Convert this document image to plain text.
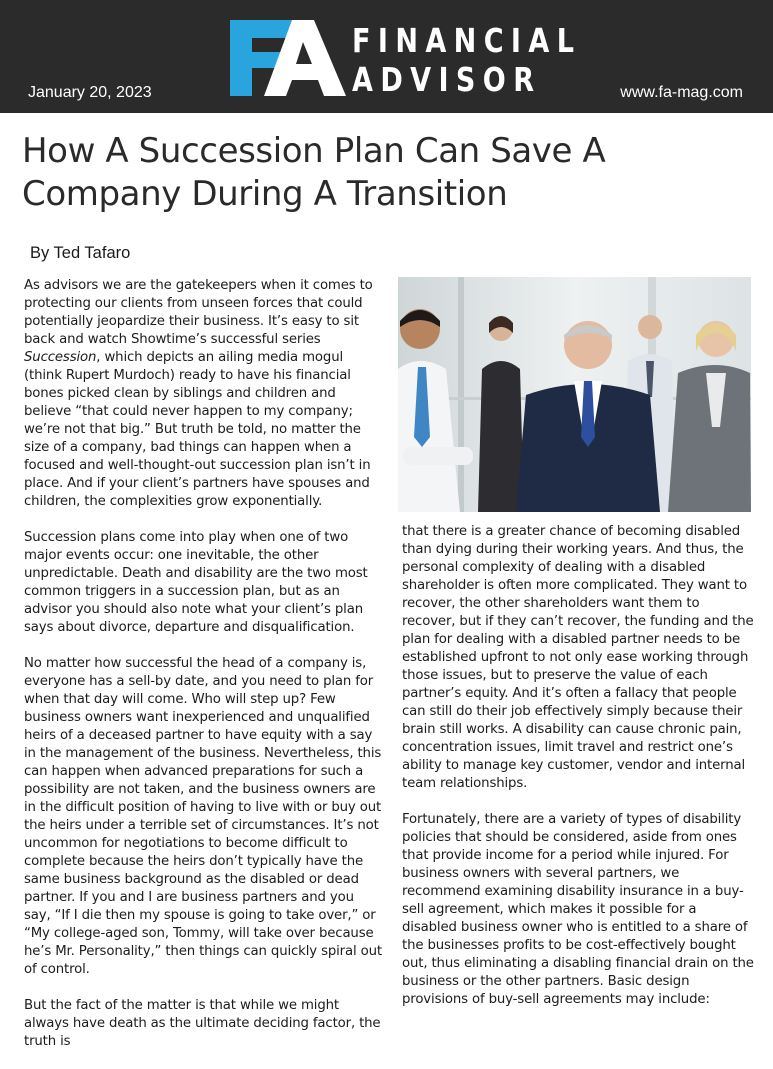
FINANCIAL
ADVISOR
January 20, 2023	www.fa-mag.com
How A Succession Plan Can Save A Company During A Transition
By Ted Tafaro

As advisors we are the gatekeepers when it comes to protecting our clients from unseen forces that could potentially jeopardize their business. It’s easy to sit back and watch Showtime’s successful series Succession, which depicts an ailing media mogul (think Rupert Murdoch) ready to have his financial bones picked clean by siblings and children and believe “that could never happen to my company; we’re not that big.” But truth be told, no matter the size of a company, bad things can happen when a focused and well-thought-out succession plan isn’t in place. And if your client’s partners have spouses and children, the complexities grow exponentially.

Succession plans come into play when one of two major events occur: one inevitable, the other unpredictable. Death and disability are the two most common triggers in a succession plan, but as an advisor you should also note what your client’s plan says about divorce, departure and disqualification.

No matter how successful the head of a company is, everyone has a sell-by date, and you need to plan for when that day will come. Who will step up? Few business owners want inexperienced and unqualified heirs of a deceased partner to have equity with a say in the management of the business. Nevertheless, this can happen when advanced preparations for such a possibility are not taken, and the business owners are in the difficult position of having to live with or buy out the heirs under a terrible set of circumstances. It’s not uncommon for negotiations to become difficult to complete because the heirs don’t typically have the same business background as the disabled or dead partner. If you and I are business partners and you say, “If I die then my spouse is going to take over,” or “My college-aged son, Tommy, will take over because he’s Mr. Personality,” then things can quickly spiral out of control.

But the fact of the matter is that while we might always have death as the ultimate deciding factor, the truth is

that there is a greater chance of becoming disabled than dying during their working years. And thus, the personal complexity of dealing with a disabled shareholder is often more complicated. They want to recover, the other shareholders want them to recover, but if they can’t recover, the funding and the plan for dealing with a disabled partner needs to be established upfront to not only ease working through those issues, but to preserve the value of each partner’s equity. And it’s often a fallacy that people can still do their job effectively simply because their brain still works. A disability can cause chronic pain, concentration issues, limit travel and restrict one’s ability to manage key customer, vendor and internal team relationships.

Fortunately, there are a variety of types of disability policies that should be considered, aside from ones that provide income for a period while injured. For business owners with several partners, we recommend examining disability insurance in a buy-sell agreement, which makes it possible for a disabled business owner who is entitled to a share of the businesses profits to be cost-effectively bought out, thus eliminating a disabling financial drain on the business or the other partners. Basic design provisions of buy-sell agreements may include:
